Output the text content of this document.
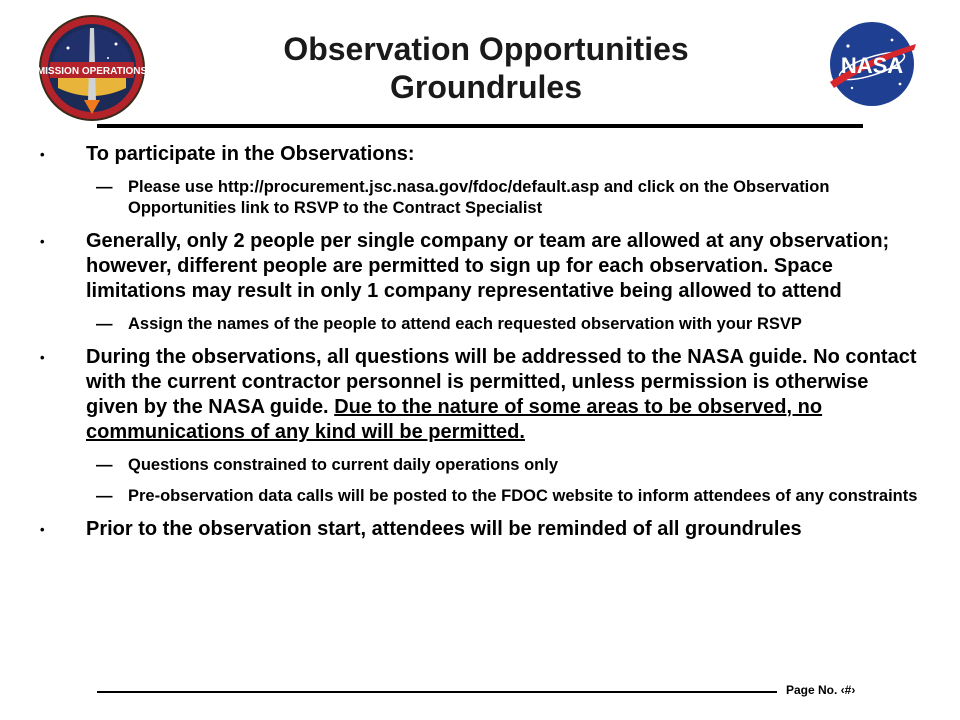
MISSION OPERATIONS
Observation Opportunities
Groundrules
NASA
• To participate in the Observations:
— Please use http://procurement.jsc.nasa.gov/fdoc/default.asp and click on the Observation Opportunities link to RSVP to the Contract Specialist
• Generally, only 2 people per single company or team are allowed at any observation; however, different people are permitted to sign up for each observation. Space limitations may result in only 1 company representative being allowed to attend
— Assign the names of the people to attend each requested observation with your RSVP
• During the observations, all questions will be addressed to the NASA guide. No contact with the current contractor personnel is permitted, unless permission is otherwise given by the NASA guide. Due to the nature of some areas to be observed, no communications of any kind will be permitted.
— Questions constrained to current daily operations only
— Pre-observation data calls will be posted to the FDOC website to inform attendees of any constraints
• Prior to the observation start, attendees will be reminded of all groundrules
Page No. ‹#›
